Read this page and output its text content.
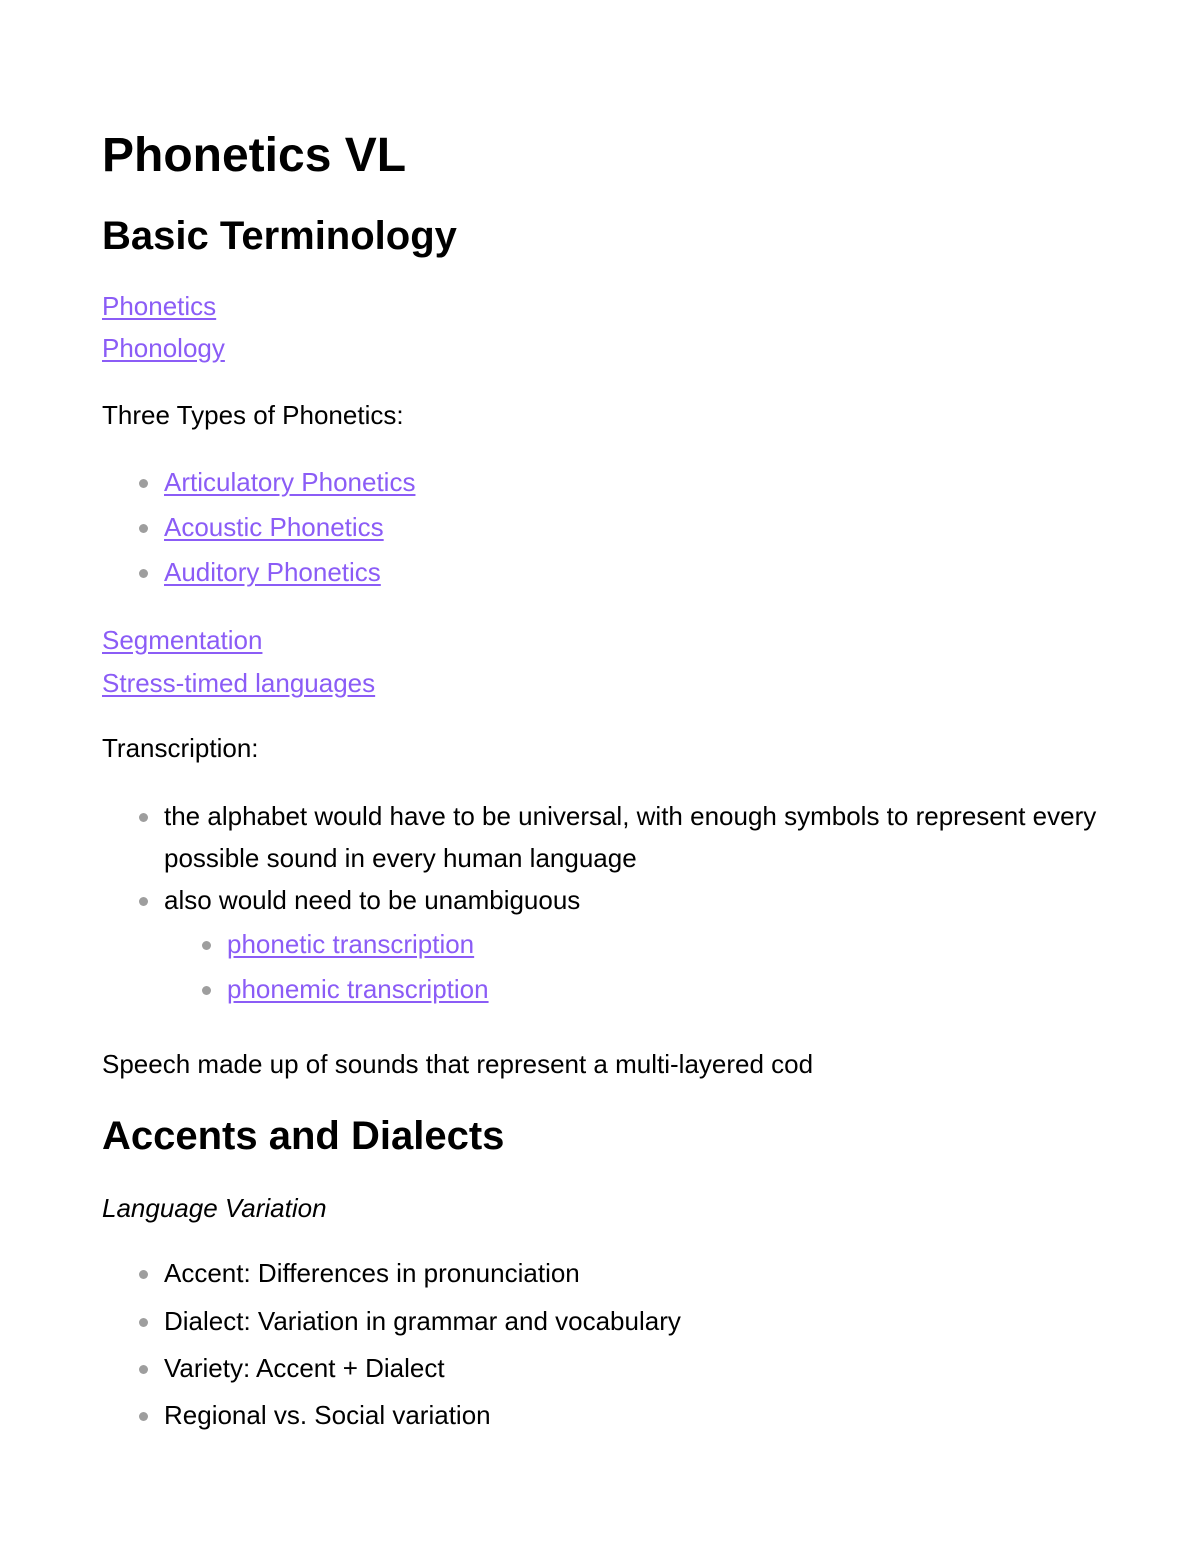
Phonetics VL
Basic Terminology
Phonetics
Phonology
Three Types of Phonetics:
Articulatory Phonetics
Acoustic Phonetics
Auditory Phonetics
Segmentation
Stress-timed languages
Transcription:
the alphabet would have to be universal, with enough symbols to represent every possible sound in every human language
also would need to be unambiguous
phonetic transcription
phonemic transcription
Speech made up of sounds that represent a multi-layered cod
Accents and Dialects
Language Variation
Accent: Differences in pronunciation
Dialect: Variation in grammar and vocabulary
Variety: Accent + Dialect
Regional vs. Social variation
